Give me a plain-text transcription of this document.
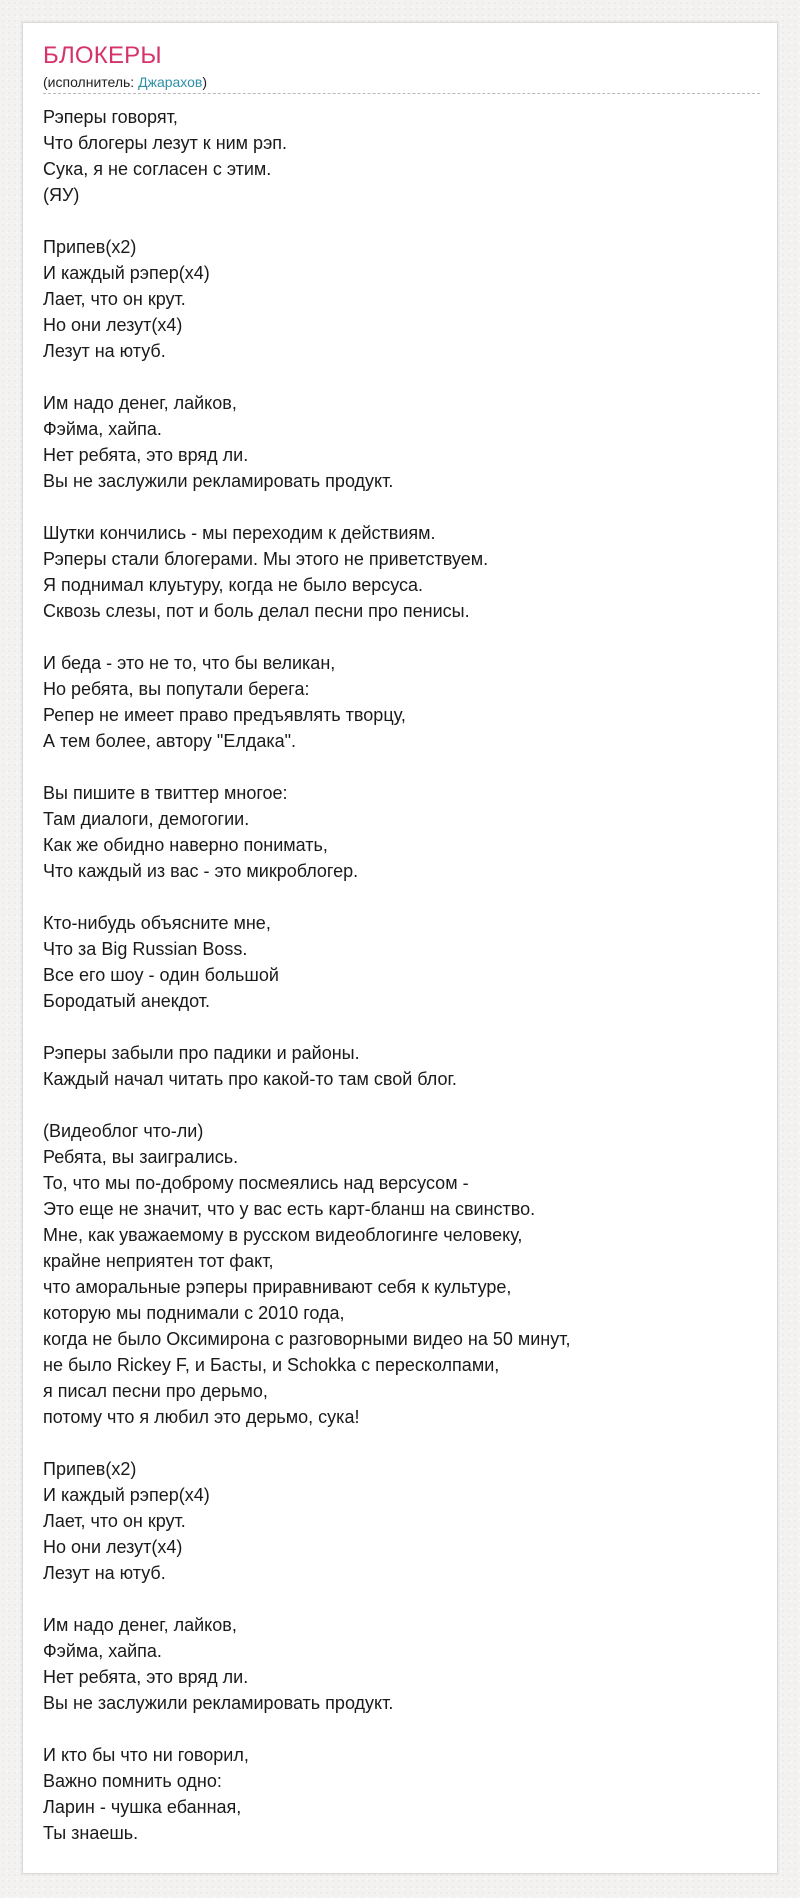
БЛОКЕРЫ
(исполнитель: Джарахов)
Рэперы говорят,
Что блогеры лезут к ним рэп.
Сука, я не согласен с этим.
(ЯУ)
Припев(х2)
И каждый рэпер(х4)
Лает, что он крут.
Но они лезут(х4)
Лезут на ютуб.
Им надо денег, лайков,
Фэйма, хайпа.
Нет ребята, это вряд ли.
Вы не заслужили рекламировать продукт.
Шутки кончились - мы переходим к действиям.
Рэперы стали блогерами. Мы этого не приветствуем.
Я поднимал клуьтуру, когда не было версуса.
Сквозь слезы, пот и боль делал песни про пенисы.
И беда - это не то, что бы великан,
Но ребята, вы попутали берега:
Репер не имеет право предъявлять творцу,
А тем более, автору "Елдака".
Вы пишите в твиттер многое:
Там диалоги, демогогии.
Как же обидно наверно понимать,
Что каждый из вас - это микроблогер.
Кто-нибудь объясните мне,
Что за Big Russian Boss.
Все его шоу - один большой
Бородатый анекдот.
Рэперы забыли про падики и районы.
Каждый начал читать про какой-то там свой блог.
(Видеоблог что-ли)
Ребята, вы заигрались.
То, что мы по-доброму посмеялись над версусом -
Это еще не значит, что у вас есть карт-бланш на свинство.
Мне, как уважаемому в русском видеоблогинге человеку,
крайне неприятен тот факт,
что аморальные рэперы приравнивают себя к культуре,
которую мы поднимали с 2010 года,
когда не было Оксимирона с разговорными видео на 50 минут,
не было Rickey F, и Басты, и Schokka с пересколпами,
я писал песни про дерьмо,
потому что я любил это дерьмо, сука!
Припев(х2)
И каждый рэпер(х4)
Лает, что он крут.
Но они лезут(х4)
Лезут на ютуб.
Им надо денег, лайков,
Фэйма, хайпа.
Нет ребята, это вряд ли.
Вы не заслужили рекламировать продукт.
И кто бы что ни говорил,
Важно помнить одно:
Ларин - чушка ебанная,
Ты знаешь.
